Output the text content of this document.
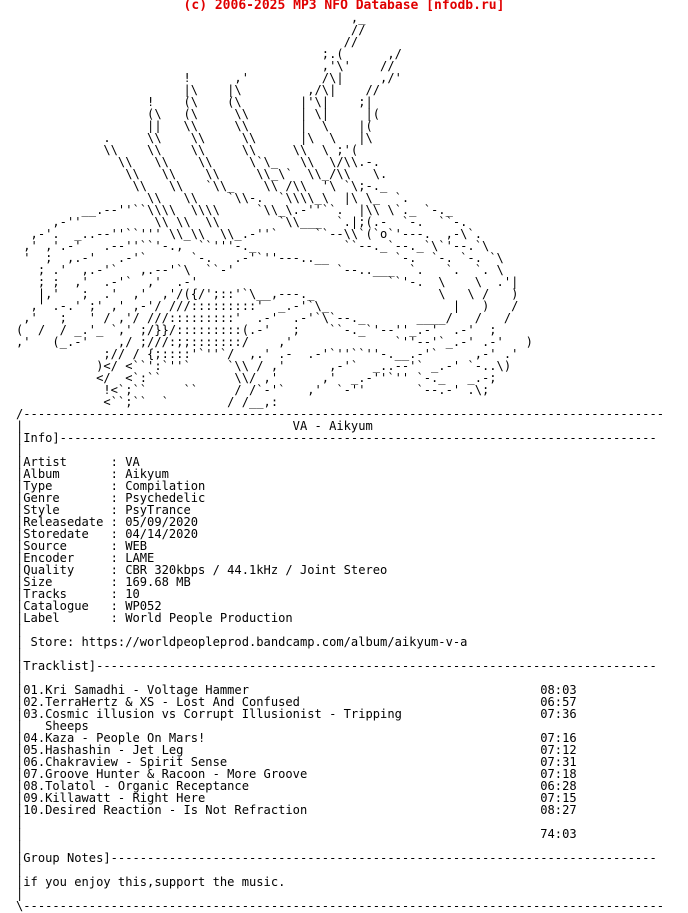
(c) 2006-2025 MP3 NFO Database [nfodb.ru]
,_
//
//
;.(      ,/
,'\'    //
!      ,'          /\|     ,/'
|\    |\         ,/\|    //
!    (\    (\        |'\|    ;|
(\   (\     \\       | \|     |(
||   \\     \\       |  \    |(
.     \\    \\     \\      |\  \   |\
\\    \\    \\     \\     \\  \ ;'(
\\   \\    \\     \`\_   \\  \/\\.-.
\\   \\    \\     \\_\`  \\_/\\   \.
\\   \\   `\\_    \\ /\\  '\ `\;-._
\\   \\    `\\-.  `\\\\_\  |\ \_  `.
__.--''``\\\\  \\\\     `\\_\.-''``.  |\\ \`._ `-._
,-''          \\ \\  \\        `\\___  `.|;(.-  `-.  ``-.
,-'.  _..--''``''' \\_\\  \\_.-''`     ``--\\`(`o`'---.  ,-\`.
,' ,'.-'   .--''``'-.,  ``'''-._            ``--._`--._`\`'--.`\
'  ;  ,.-'   .-'`      `-.   .-'`''---..__         `-.  `-. `-. `\
; .'  ,.-'`   ,.--'`\  ``-'              `--..___  `.   `.  `. \
; ;  ,'  .-'`  ,'  .-'                          ``'-.  \    \  .'|
|,'   ;  .'  ,'  ,'/({/';::'`\__,---._                 \   \ /   )
,' .-.' ;' ,' ,-'/ ///:::::::::'  _.-'`\_                 |   )   /
,'   ;   ' / ,'/ ///:::::::::'  .-'  .-'`\`--._       ____/   /   /
(  /  / _.'_ `,' ;/}}/:::::::::(.-'   ;    ``-._`'--''_.-'  .-'  ;
,'   (_.-'    ,/ ;///:;;:::::::/    ,'              `''--'`_.-' .-'   )
;// / {;::::'`''`/  ,.' .-  .-'`''``''-.__.-'`     ,-' .'
)</ <``':`''`     `\\ / ,'      ,-'`  _..--'` _.-' `-..\)
</  <`:``          \\/ ,'      ,'  _.-''`'' `-._   _.-;
!<`;``     ``     / /`-'`   ,'  `-''       `--.-' .\;
<``;``  `        / /__,:
/----------------------------------------------------------------------------------------
|                                     VA - Aikyum
|Info]----------------------------------------------------------------------------------
|
|Artist      : VA
|Album       : Aikyum
|Type        : Compilation
|Genre       : Psychedelic
|Style       : PsyTrance
|Releasedate : 05/09/2020
|Storedate   : 04/14/2020
|Source      : WEB
|Encoder     : LAME
|Quality     : CBR 320kbps / 44.1kHz / Joint Stereo
|Size        : 169.68 MB
|Tracks      : 10
|Catalogue   : WP052
|Label       : World People Production
|
| Store: https://worldpeopleprod.bandcamp.com/album/aikyum-v-a
|
|Tracklist]-----------------------------------------------------------------------------
|
|01.Kri Samadhi - Voltage Hammer                                        08:03
|02.TerraHertz & XS - Lost And Confused                                 06:57
|03.Cosmic illusion vs Corrupt Illusionist - Tripping                   07:36
|   Sheeps
|04.Kaza - People On Mars!                                              07:16
|05.Hashashin - Jet Leg                                                 07:12
|06.Chakraview - Spirit Sense                                           07:31
|07.Groove Hunter & Racoon - More Groove                                07:18
|08.Tolatol - Organic Receptance                                        06:28
|09.Killawatt - Right Here                                              07:15
|10.Desired Reaction - Is Not Refraction                                08:27
|
|                                                                       74:03
|
|Group Notes]---------------------------------------------------------------------------
|
|if you enjoy this,support the music.
|
\----------------------------------------------------------------------------------------
